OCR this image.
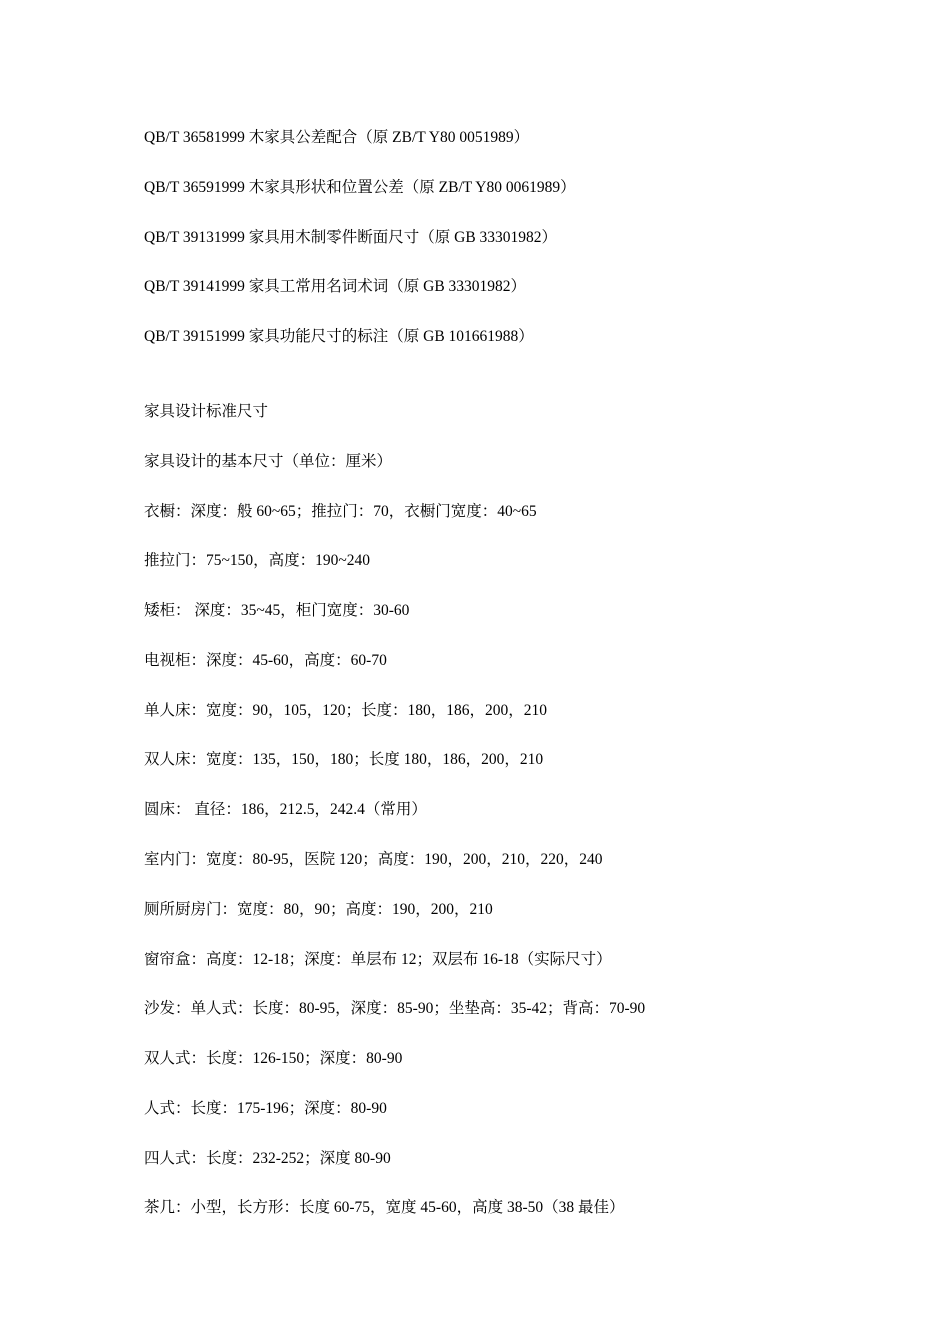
QB/T 36581999 木家具公差配合（原 ZB/T Y80 0051989）
QB/T 36591999 木家具形状和位置公差（原 ZB/T Y80 0061989）
QB/T 39131999 家具用木制零件断面尺寸（原 GB 33301982）
QB/T 39141999 家具工常用名词术词（原 GB 33301982）
QB/T 39151999 家具功能尺寸的标注（原 GB 101661988）
家具设计标准尺寸
家具设计的基本尺寸（单位：厘米）
衣橱：深度：般 60~65；推拉门：70，衣橱门宽度：40~65
推拉门：75~150，高度：190~240
矮柜： 深度：35~45，柜门宽度：30-60
电视柜：深度：45-60，高度：60-70
单人床：宽度：90，105，120；长度：180，186，200，210
双人床：宽度：135，150，180；长度 180，186，200，210
圆床： 直径：186，212.5，242.4（常用）
室内门：宽度：80-95，医院 120；高度：190，200，210，220，240
厕所厨房门：宽度：80，90；高度：190，200，210
窗帘盒：高度：12-18；深度：单层布 12；双层布 16-18（实际尺寸）
沙发：单人式：长度：80-95，深度：85-90；坐垫高：35-42；背高：70-90
双人式：长度：126-150；深度：80-90
人式：长度：175-196；深度：80-90
四人式：长度：232-252；深度 80-90
茶几：小型，长方形：长度 60-75，宽度 45-60，高度 38-50（38 最佳）
